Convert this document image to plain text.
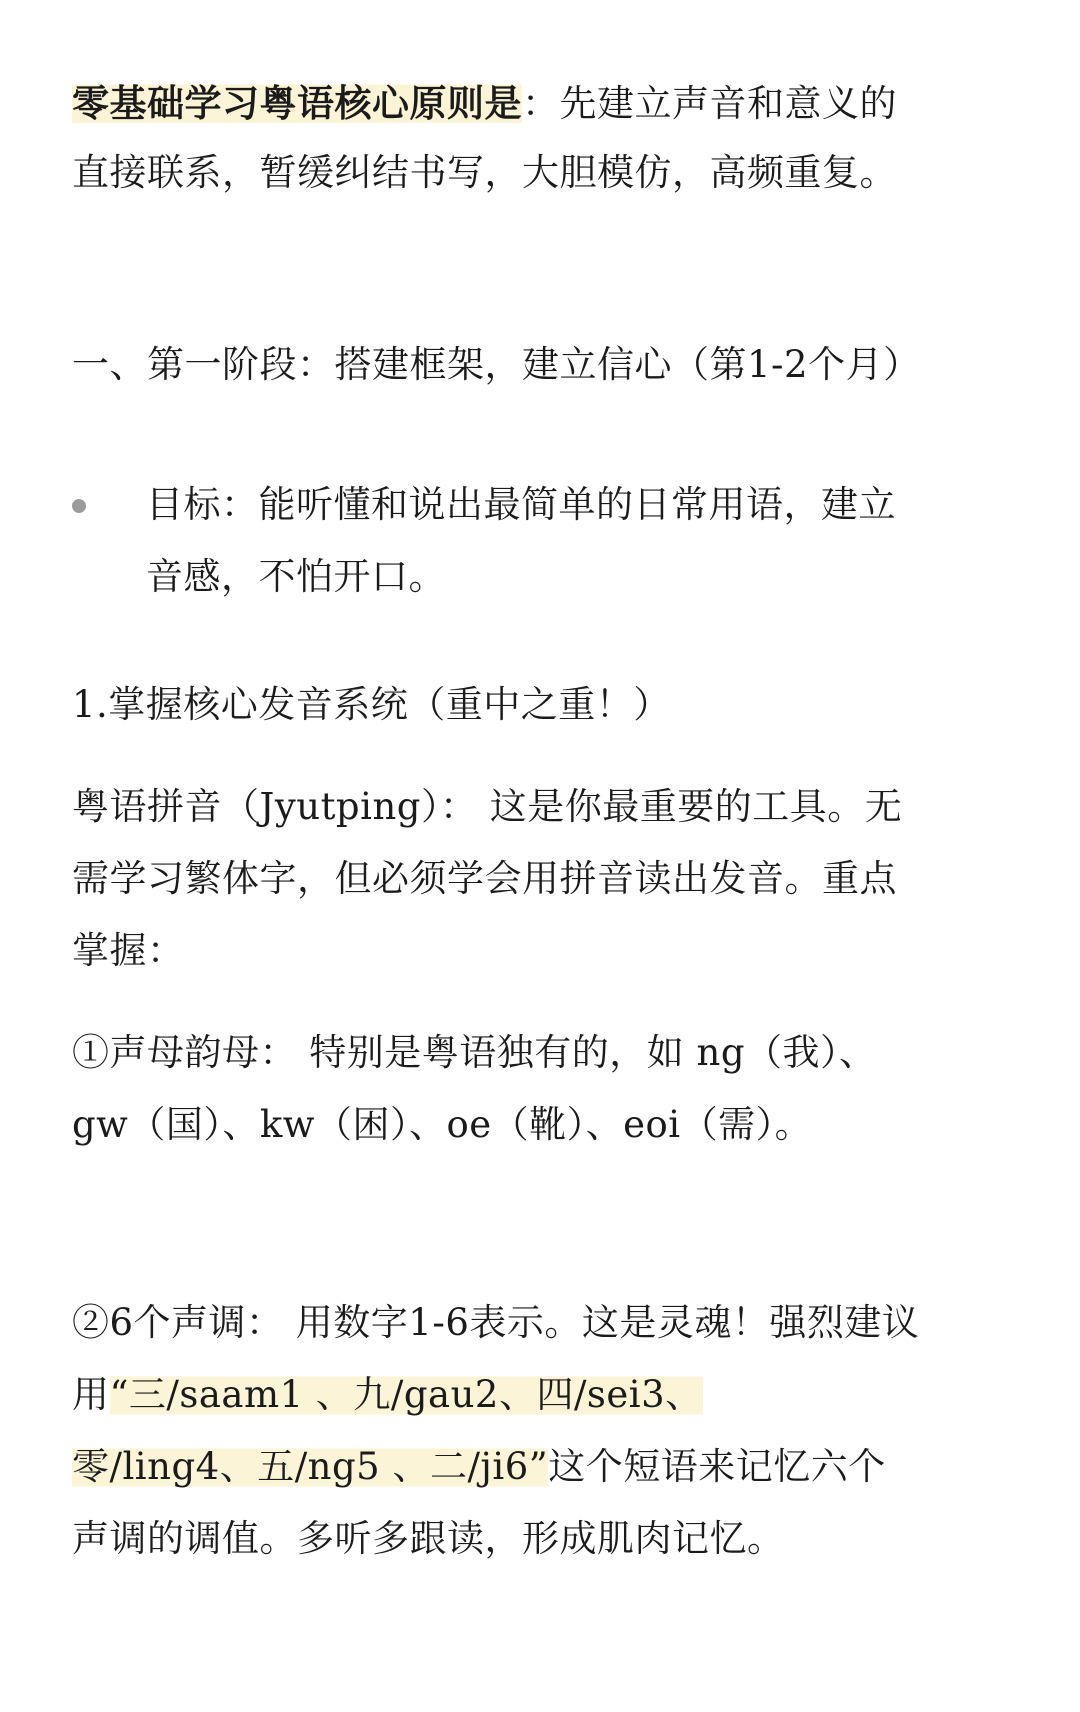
零基础学习粤语核心原则是：先建立声音和意义的
直接联系，暂缓纠结书写，大胆模仿，高频重复。
一、第一阶段：搭建框架，建立信心（第1-2个月）
目标：能听懂和说出最简单的日常用语，建立
音感，不怕开口。
1.掌握核心发音系统（重中之重！）
粤语拼音（Jyutping）： 这是你最重要的工具。无
需学习繁体字，但必须学会用拼音读出发音。重点
掌握：
①声母韵母： 特别是粤语独有的，如 ng（我）、
gw（国）、kw（困）、oe（靴）、eoi（需）。
②6个声调： 用数字1-6表示。这是灵魂！强烈建议
用“三/saam1 、九/gau2、四/sei3、
零/ling4、五/ng5 、二/ji6”这个短语来记忆六个
声调的调值。多听多跟读，形成肌肉记忆。
